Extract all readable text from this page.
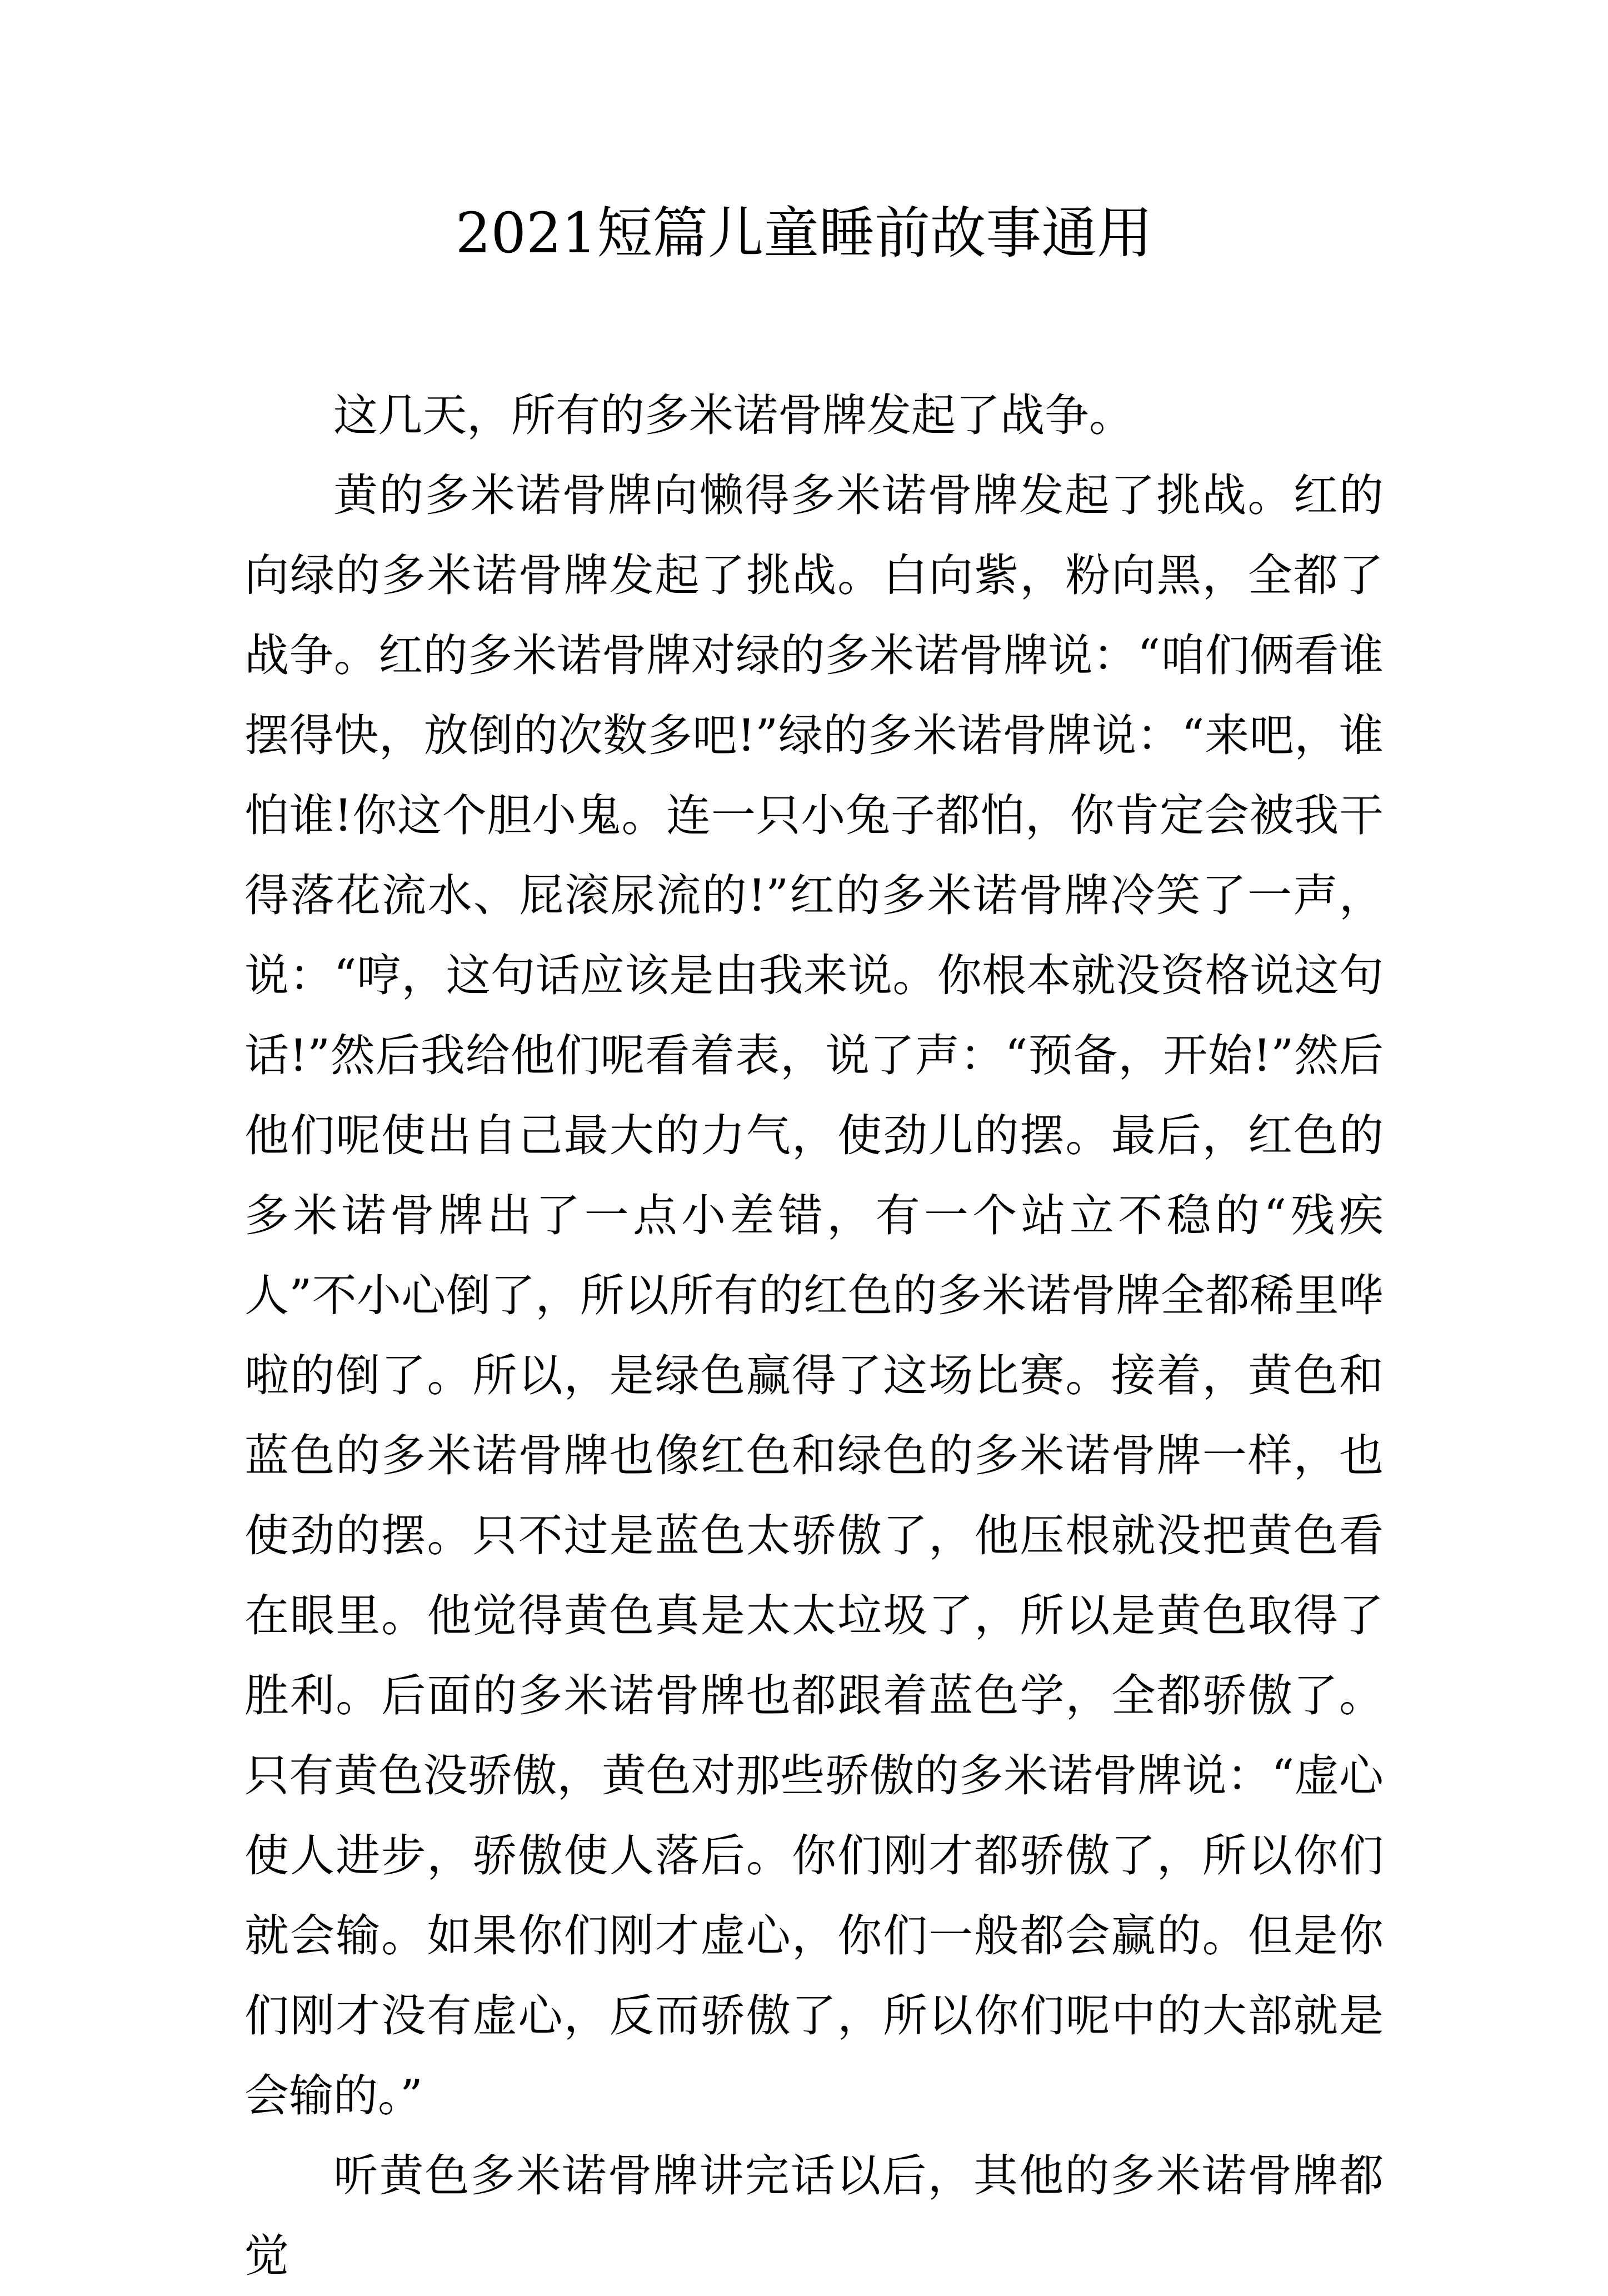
2021短篇儿童睡前故事通用

这几天，所有的多米诺骨牌发起了战争。

黄的多米诺骨牌向懒得多米诺骨牌发起了挑战。红的向绿的多米诺骨牌发起了挑战。白向紫，粉向黑，全都了战争。红的多米诺骨牌对绿的多米诺骨牌说：“咱们俩看谁摆得快，放倒的次数多吧!”绿的多米诺骨牌说：“来吧，谁怕谁!你这个胆小鬼。连一只小兔子都怕，你肯定会被我干得落花流水、屁滚尿流的!”红的多米诺骨牌冷笑了一声，说：“哼，这句话应该是由我来说。你根本就没资格说这句话!”然后我给他们呢看着表，说了声：“预备，开始!”然后他们呢使出自己最大的力气，使劲儿的摆。最后，红色的多米诺骨牌出了一点小差错，有一个站立不稳的“残疾人”不小心倒了，所以所有的红色的多米诺骨牌全都稀里哗啦的倒了。所以，是绿色赢得了这场比赛。接着，黄色和蓝色的多米诺骨牌也像红色和绿色的多米诺骨牌一样，也使劲的摆。只不过是蓝色太骄傲了，他压根就没把黄色看在眼里。他觉得黄色真是太太垃圾了，所以是黄色取得了胜利。后面的多米诺骨牌也都跟着蓝色学，全都骄傲了。只有黄色没骄傲，黄色对那些骄傲的多米诺骨牌说：“虚心使人进步，骄傲使人落后。你们刚才都骄傲了，所以你们就会输。如果你们刚才虚心，你们一般都会赢的。但是你们刚才没有虚心，反而骄傲了，所以你们呢中的大部就是会输的。”

听黄色多米诺骨牌讲完话以后，其他的多米诺骨牌都觉
